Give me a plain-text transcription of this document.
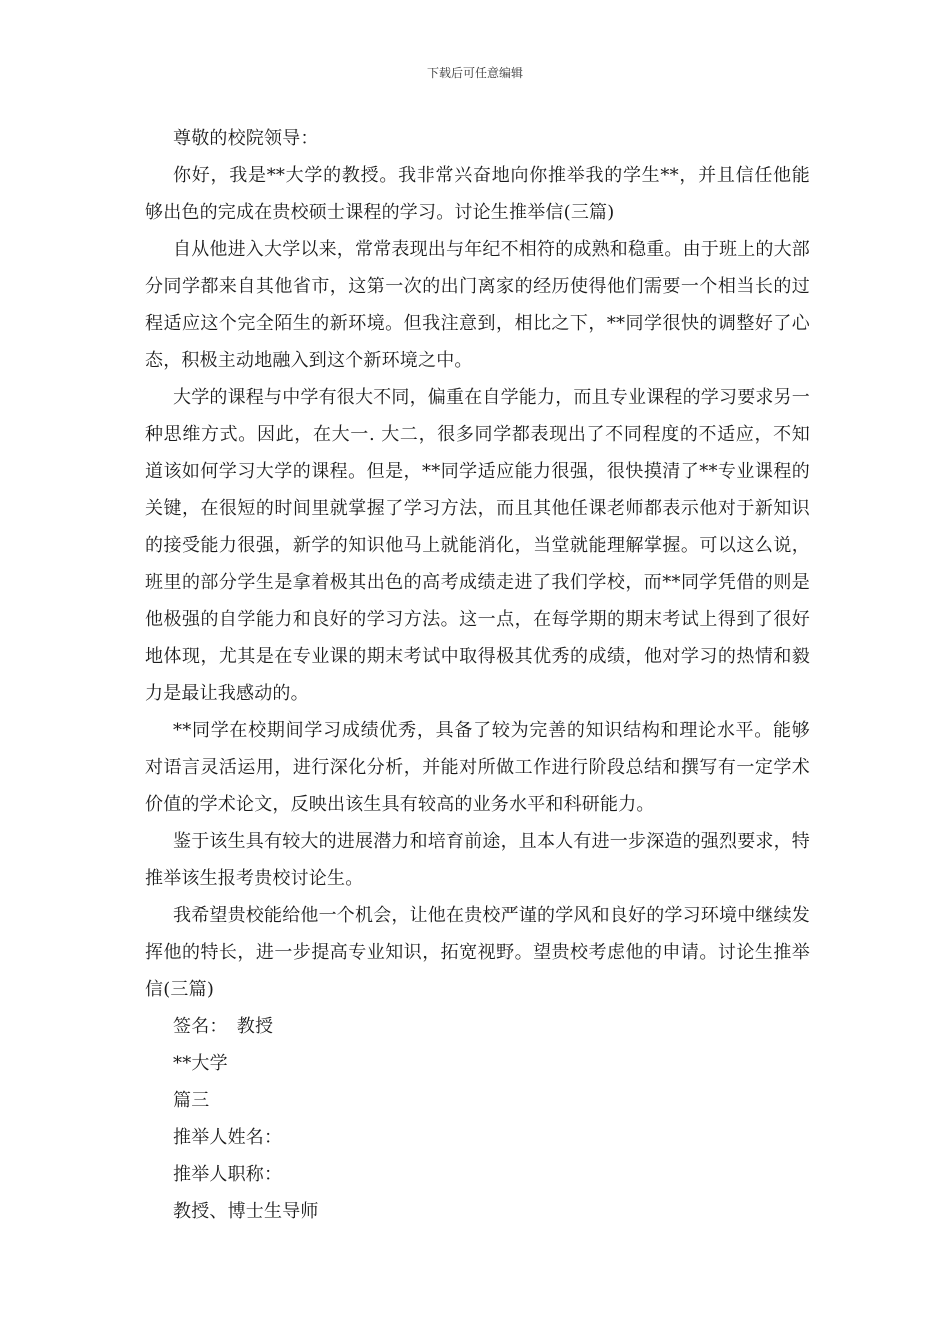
下载后可任意编辑

尊敬的校院领导：

你好，我是**大学的教授。我非常兴奋地向你推举我的学生**，并且信任他能够出色的完成在贵校硕士课程的学习。讨论生推举信(三篇)

自从他进入大学以来，常常表现出与年纪不相符的成熟和稳重。由于班上的大部分同学都来自其他省市，这第一次的出门离家的经历使得他们需要一个相当长的过程适应这个完全陌生的新环境。但我注意到，相比之下，**同学很快的调整好了心态，积极主动地融入到这个新环境之中。

大学的课程与中学有很大不同，偏重在自学能力，而且专业课程的学习要求另一种思维方式。因此，在大一. 大二，很多同学都表现出了不同程度的不适应，不知道该如何学习大学的课程。但是，**同学适应能力很强，很快摸清了**专业课程的关键，在很短的时间里就掌握了学习方法，而且其他任课老师都表示他对于新知识的接受能力很强，新学的知识他马上就能消化，当堂就能理解掌握。可以这么说，班里的部分学生是拿着极其出色的高考成绩走进了我们学校，而**同学凭借的则是他极强的自学能力和良好的学习方法。这一点，在每学期的期末考试上得到了很好地体现，尤其是在专业课的期末考试中取得极其优秀的成绩，他对学习的热情和毅力是最让我感动的。

**同学在校期间学习成绩优秀，具备了较为完善的知识结构和理论水平。能够对语言灵活运用，进行深化分析，并能对所做工作进行阶段总结和撰写有一定学术价值的学术论文，反映出该生具有较高的业务水平和科研能力。

鉴于该生具有较大的进展潜力和培育前途，且本人有进一步深造的强烈要求，特推举该生报考贵校讨论生。

我希望贵校能给他一个机会，让他在贵校严谨的学风和良好的学习环境中继续发挥他的特长，进一步提高专业知识，拓宽视野。望贵校考虑他的申请。讨论生推举信(三篇)

签名：　教授

**大学

篇三

推举人姓名：

推举人职称：

教授、博士生导师
